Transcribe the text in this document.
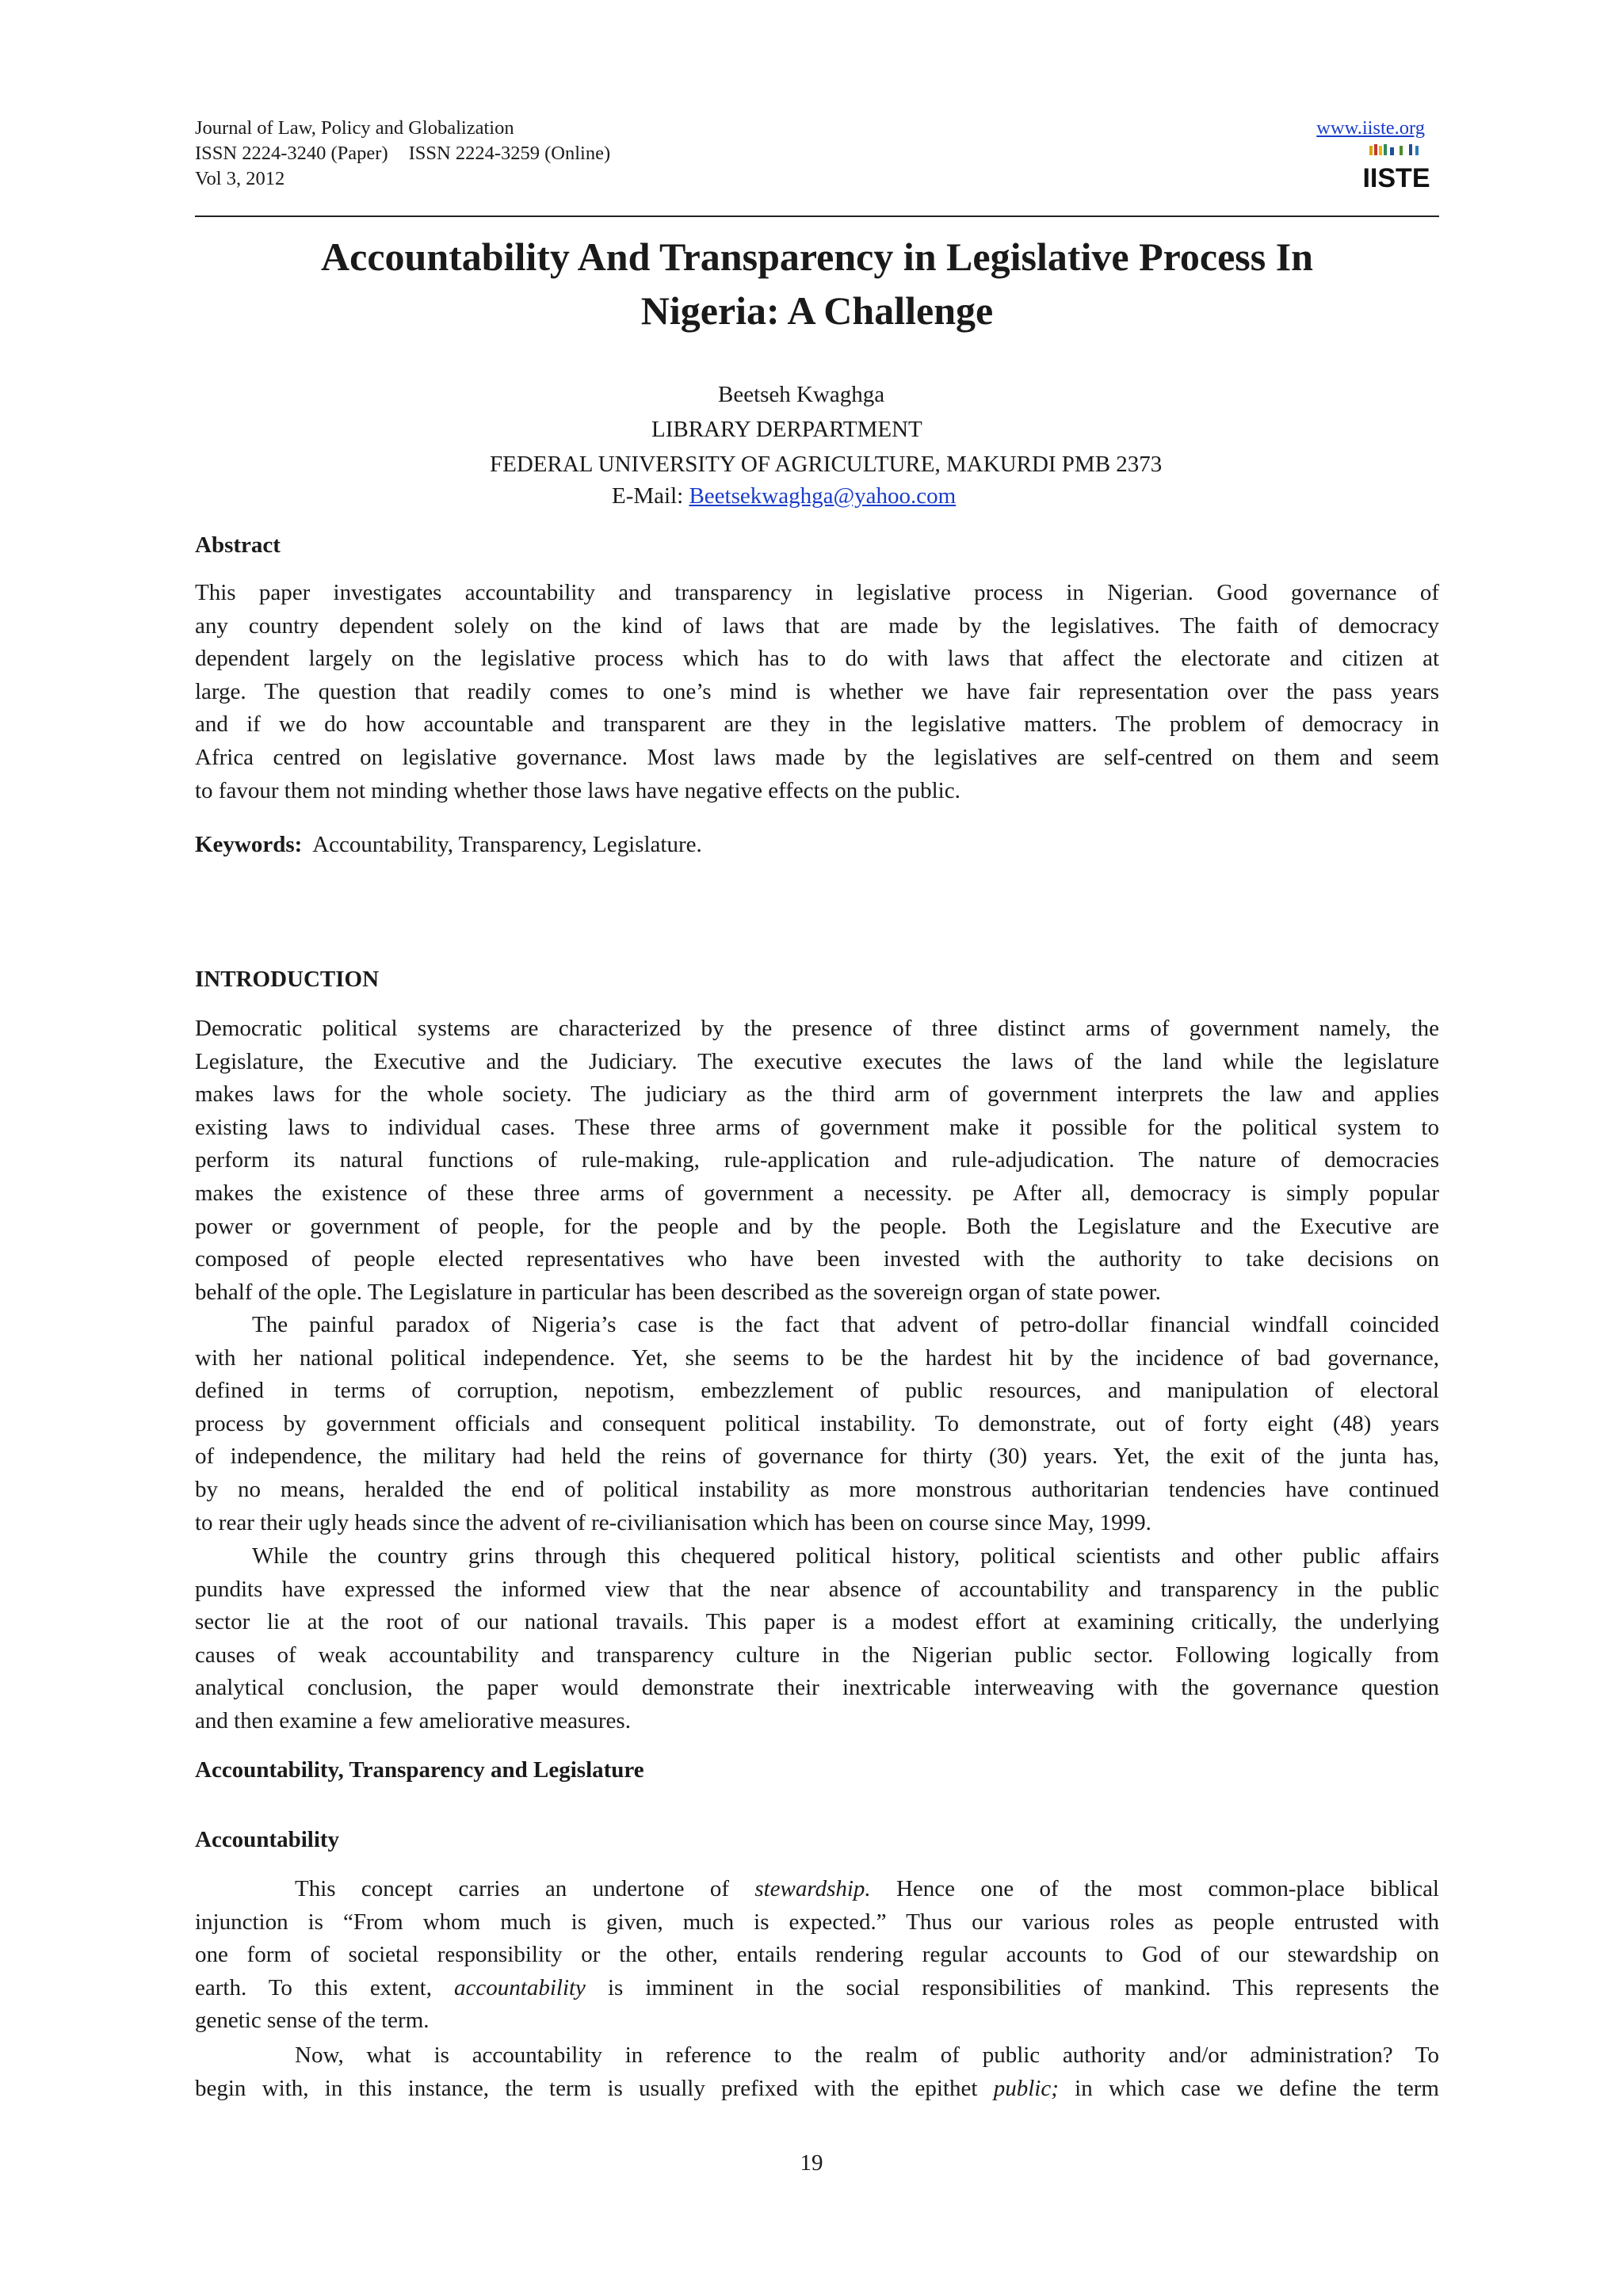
Journal of Law, Policy and Globalization
ISSN 2224-3240 (Paper) ISSN 2224-3259 (Online)
Vol 3, 2012
www.iiste.org
IISTE
Accountability And Transparency in Legislative Process In
Nigeria: A Challenge
Beetseh Kwaghga
LIBRARY DERPARTMENT
FEDERAL UNIVERSITY OF AGRICULTURE, MAKURDI PMB 2373
E-Mail: Beetsekwaghga@yahoo.com
Abstract
This paper investigates accountability and transparency in legislative process in Nigerian. Good governance of
any country dependent solely on the kind of laws that are made by the legislatives. The faith of democracy
dependent largely on the legislative process which has to do with laws that affect the electorate and citizen at
large. The question that readily comes to one’s mind is whether we have fair representation over the pass years
and if we do how accountable and transparent are they in the legislative matters. The problem of democracy in
Africa centred on legislative governance. Most laws made by the legislatives are self-centred on them and seem
to favour them not minding whether those laws have negative effects on the public.
Keywords:  Accountability, Transparency, Legislature.
INTRODUCTION
Democratic political systems are characterized by the presence of three distinct arms of government namely, the
Legislature, the Executive and the Judiciary. The executive executes the laws of the land while the legislature
makes laws for the whole society. The judiciary as the third arm of government interprets the law and applies
existing laws to individual cases. These three arms of government make it possible for the political system to
perform its natural functions of rule-making, rule-application and rule-adjudication. The nature of democracies
makes the existence of these three arms of government a necessity. pe After all, democracy is simply popular
power or government of people, for the people and by the people. Both the Legislature and the Executive are
composed of people elected representatives who have been invested with the authority to take decisions on
behalf of the ople. The Legislature in particular has been described as the sovereign organ of state power.
The painful paradox of Nigeria’s case is the fact that advent of petro-dollar financial windfall coincided
with her national political independence. Yet, she seems to be the hardest hit by the incidence of bad governance,
defined in terms of corruption, nepotism, embezzlement of public resources, and manipulation of electoral
process by government officials and consequent political instability. To demonstrate, out of forty eight (48) years
of independence, the military had held the reins of governance for thirty (30) years. Yet, the exit of the junta has,
by no means, heralded the end of political instability as more monstrous authoritarian tendencies have continued
to rear their ugly heads since the advent of re-civilianisation which has been on course since May, 1999.
While the country grins through this chequered political history, political scientists and other public affairs
pundits have expressed the informed view that the near absence of accountability and transparency in the public
sector lie at the root of our national travails. This paper is a modest effort at examining critically, the underlying
causes of weak accountability and transparency culture in the Nigerian public sector. Following logically from
analytical conclusion, the paper would demonstrate their inextricable interweaving with the governance question
and then examine a few ameliorative measures.
Accountability, Transparency and Legislature
Accountability
This concept carries an undertone of stewardship. Hence one of the most common-place biblical
injunction is “From whom much is given, much is expected.” Thus our various roles as people entrusted with
one form of societal responsibility or the other, entails rendering regular accounts to God of our stewardship on
earth. To this extent, accountability is imminent in the social responsibilities of mankind. This represents the
genetic sense of the term.
Now, what is accountability in reference to the realm of public authority and/or administration? To
begin with, in this instance, the term is usually prefixed with the epithet public; in which case we define the term
19
